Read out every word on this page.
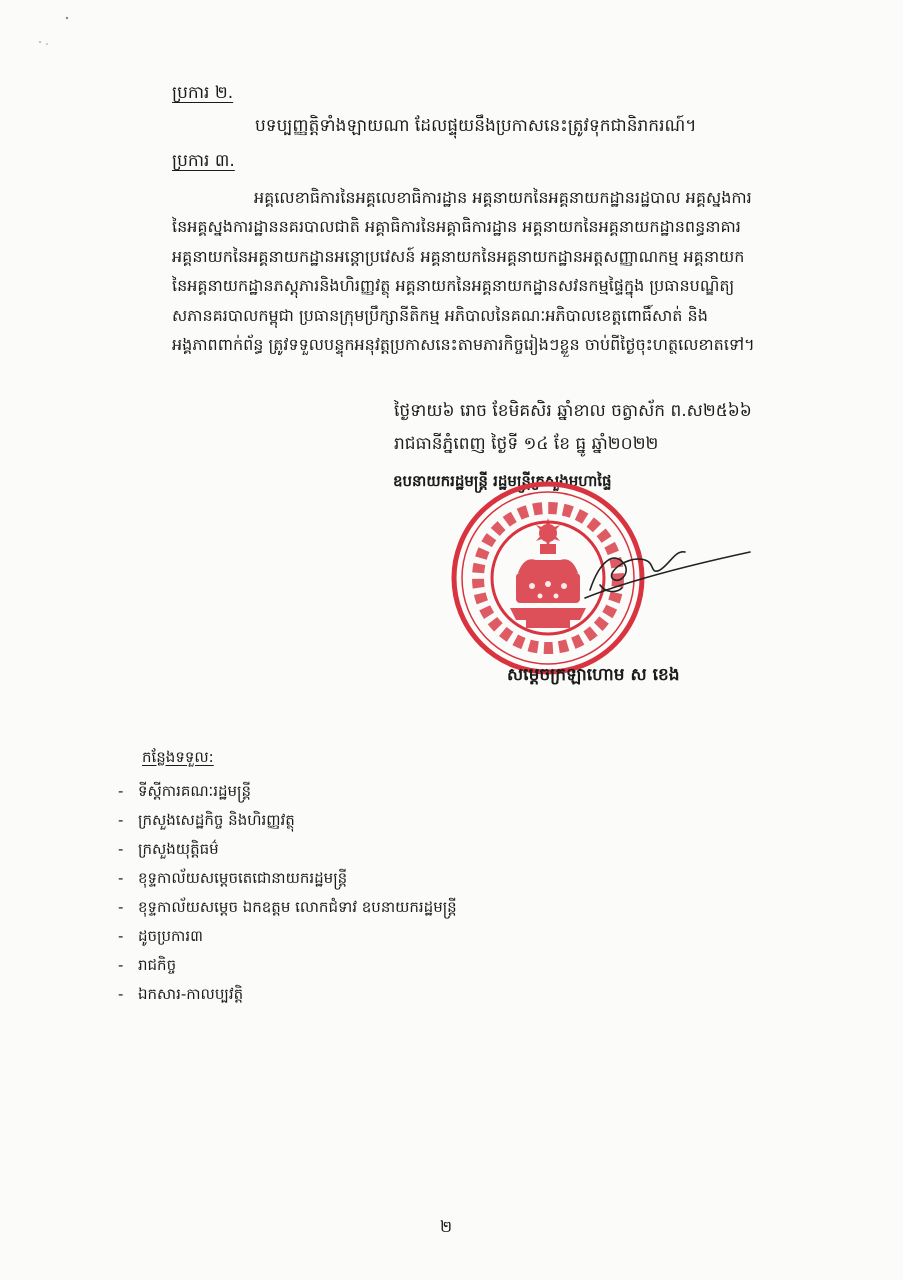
ប្រការ ២.
បទប្បញ្ញត្តិទាំងឡាយណា ដែលផ្ទុយនឹងប្រកាសនេះត្រូវទុកជានិរាករណ៍។
ប្រការ ៣.
អគ្គលេខាធិការនៃអគ្គលេខាធិការដ្ឋាន អគ្គនាយកនៃអគ្គនាយកដ្ឋានរដ្ឋបាល អគ្គស្នងការ
នៃអគ្គស្នងការដ្ឋាននគរបាលជាតិ អគ្គាធិការនៃអគ្គាធិការដ្ឋាន អគ្គនាយកនៃអគ្គនាយកដ្ឋានពន្ធនាគារ
អគ្គនាយកនៃអគ្គនាយកដ្ឋានអន្តោប្រវេសន៍ អគ្គនាយកនៃអគ្គនាយកដ្ឋានអត្តសញ្ញាណកម្ម អគ្គនាយក
នៃអគ្គនាយកដ្ឋានភស្តុភារនិងហិរញ្ញវត្ថុ អគ្គនាយកនៃអគ្គនាយកដ្ឋានសវនកម្មផ្ទៃក្នុង ប្រធានបណ្ឌិត្យ
សភានគរបាលកម្ពុជា ប្រធានក្រុមប្រឹក្សានីតិកម្ម អភិបាលនៃគណៈអភិបាលខេត្តពោធិ៍សាត់ និង
អង្គភាពពាក់ព័ន្ធ ត្រូវទទួលបន្ទុកអនុវត្តប្រកាសនេះតាមភារកិច្ចរៀងៗខ្លួន ចាប់ពីថ្ងៃចុះហត្ថលេខាតទៅ។
ថ្ងៃទាយ៦ រោច ខែមិគសិរ ឆ្នាំខាល ចត្វាស័ក ព.ស២៥៦៦
រាជធានីភ្នំពេញ ថ្ងៃទី ១៤ ខែ ធ្នូ ឆ្នាំ២០២២
ឧបនាយករដ្ឋមន្ត្រី រដ្ឋមន្ត្រីក្រសួងមហាផ្ទៃ
សម្តេចក្រឡាហោម ស ខេង
កន្លែងទទួល:
- ទីស្តីការគណៈរដ្ឋមន្ត្រី
- ក្រសួងសេដ្ឋកិច្ច និងហិរញ្ញវត្ថុ
- ក្រសួងយុត្តិធម៌
- ខុទ្ទកាល័យសម្តេចតេជោនាយករដ្ឋមន្ត្រី
- ខុទ្ទកាល័យសម្តេច ឯកឧត្តម លោកជំទាវ ឧបនាយករដ្ឋមន្ត្រី
- ដូចប្រការ៣
- រាជកិច្ច
- ឯកសារ-កាលប្បវត្តិ
២
